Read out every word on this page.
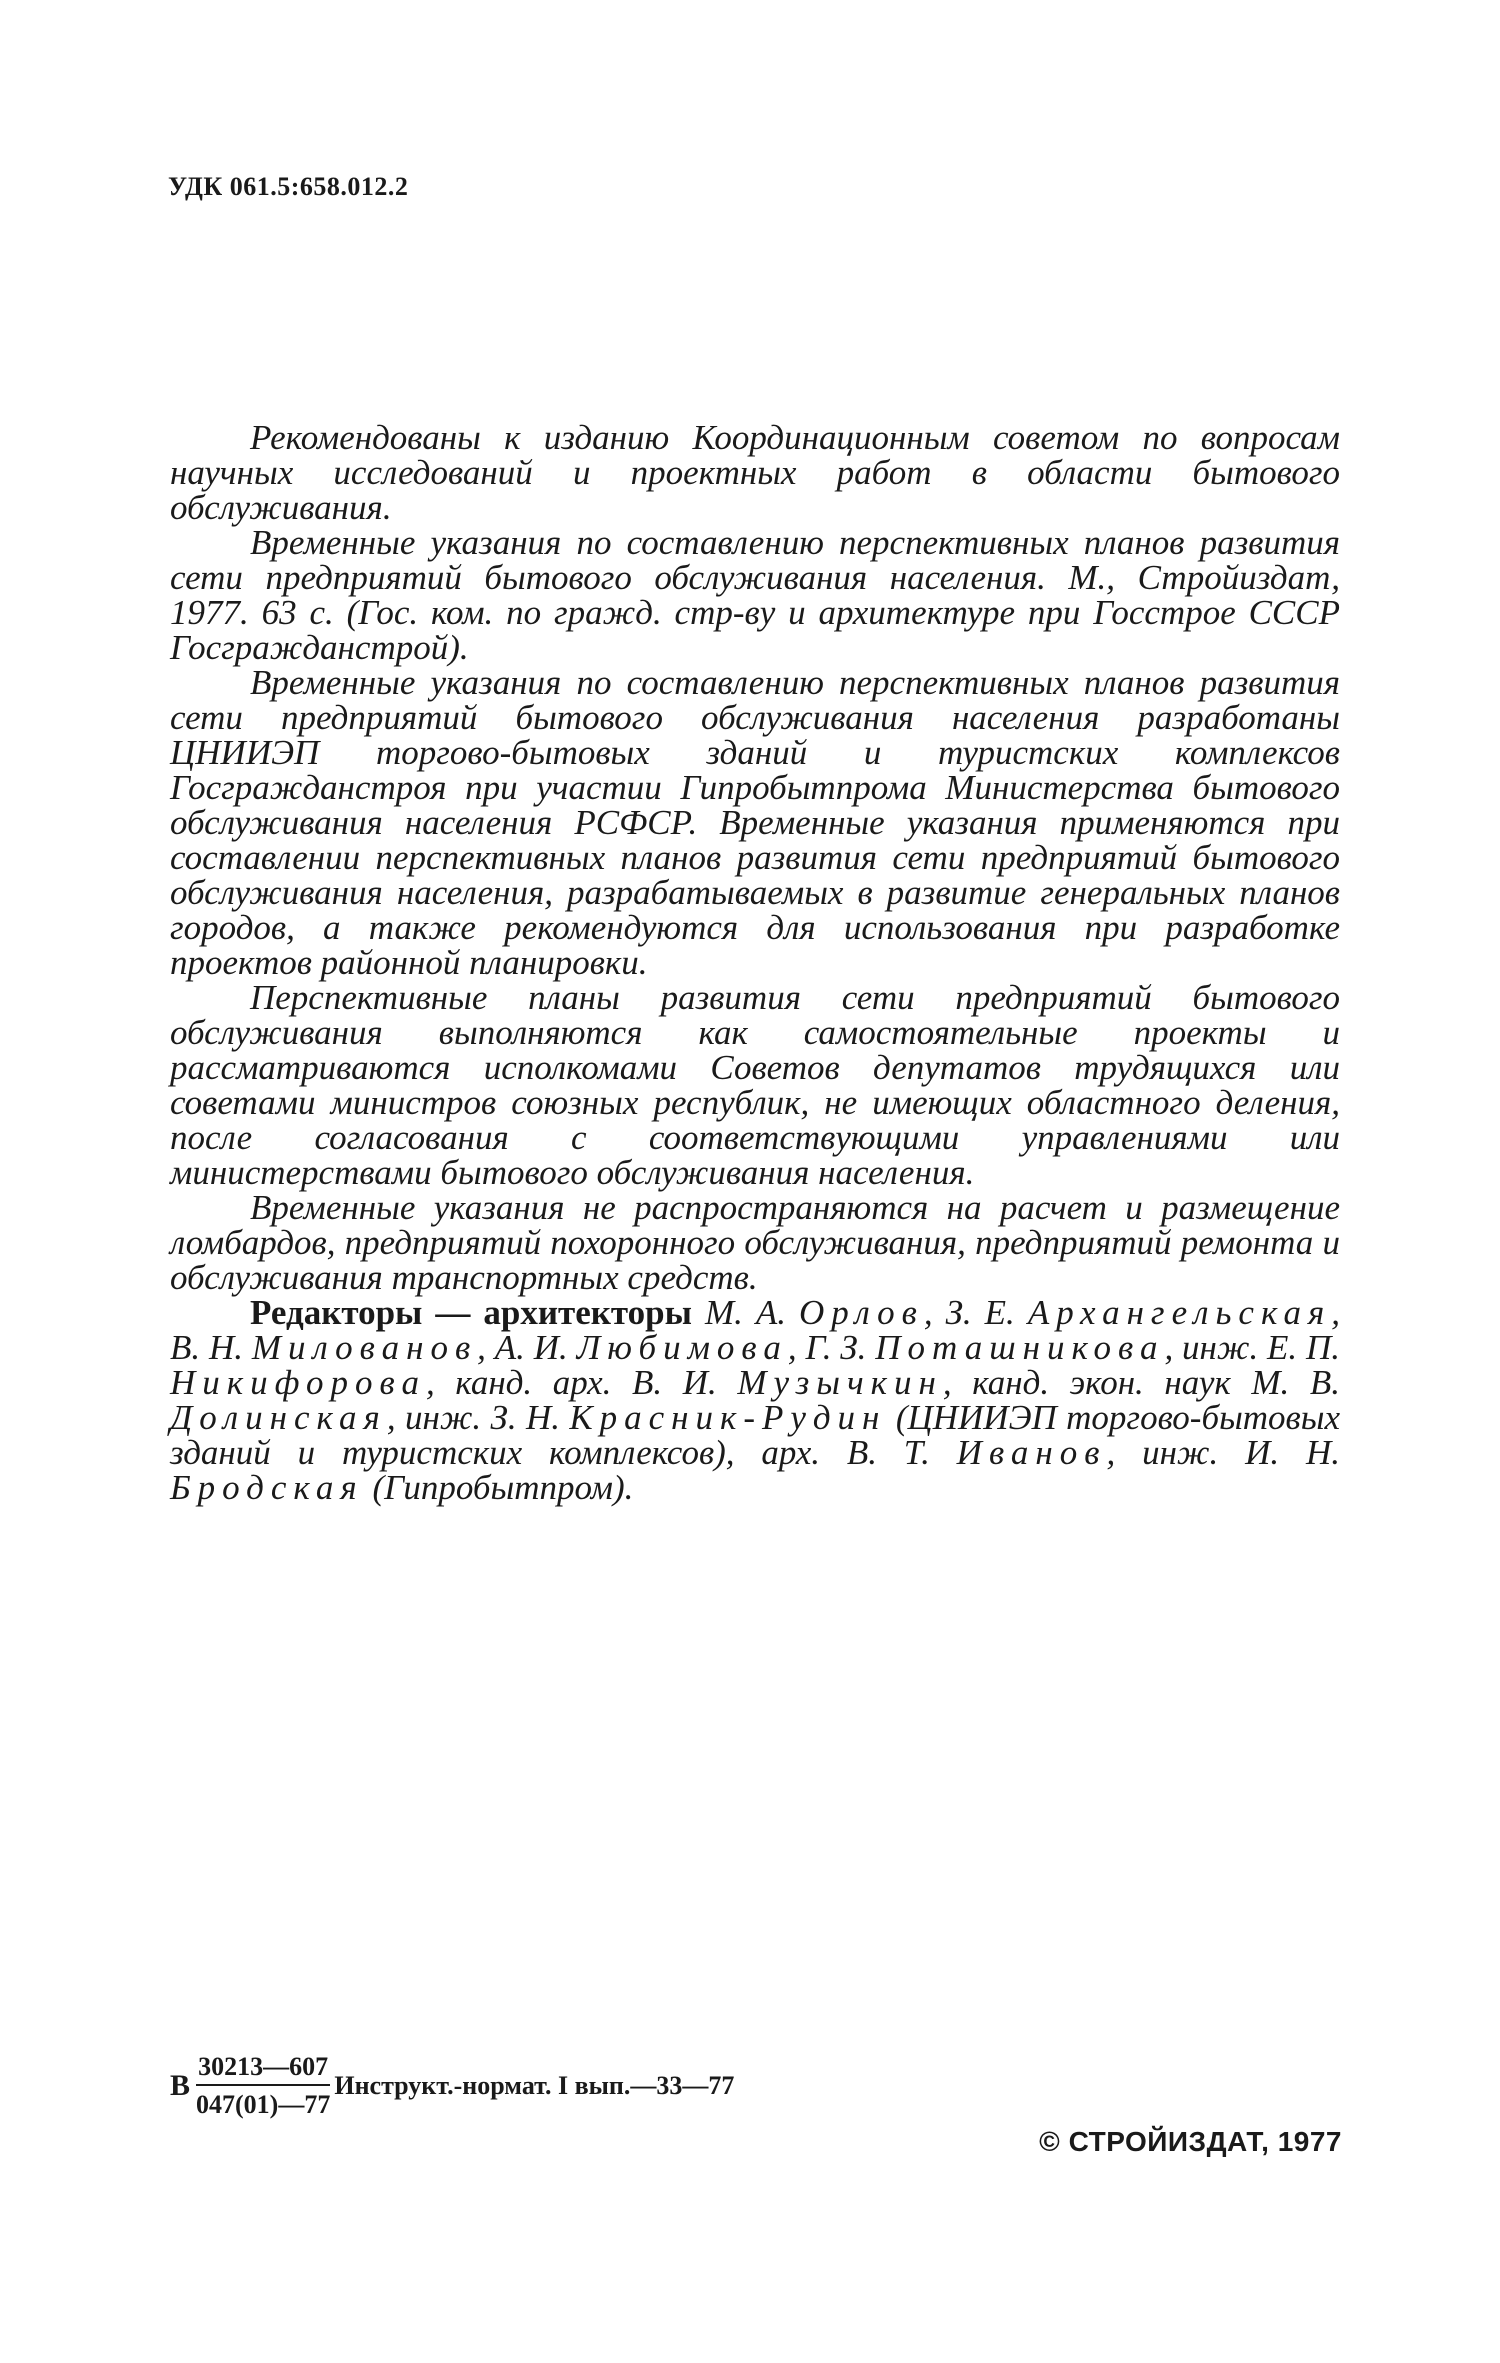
УДК 061.5:658.012.2

Рекомендованы к изданию Координационным советом по вопросам научных исследований и проектных работ в области бытового обслуживания.

Временные указания по составлению перспективных планов развития сети предприятий бытового обслуживания населения. М., Стройиздат, 1977. 63 с. (Гос. ком. по гражд. стр-ву и архитектуре при Госстрое СССР Госгражданстрой).

Временные указания по составлению перспективных планов развития сети предприятий бытового обслуживания населения разработаны ЦНИИЭП торгово-бытовых зданий и туристских комплексов Госгражданстроя при участии Гипробытпрома Министерства бытового обслуживания населения РСФСР. Временные указания применяются при составлении перспективных планов развития сети предприятий бытового обслуживания населения, разрабатываемых в развитие генеральных планов городов, а также рекомендуются для использования при разработке проектов районной планировки.

Перспективные планы развития сети предприятий бытового обслуживания выполняются как самостоятельные проекты и рассматриваются исполкомами Советов депутатов трудящихся или советами министров союзных республик, не имеющих областного деления, после согласования с соответствующими управлениями или министерствами бытового обслуживания населения.

Временные указания не распространяются на расчет и размещение ломбардов, предприятий похоронного обслуживания, предприятий ремонта и обслуживания транспортных средств.

Редакторы — архитекторы М. А. Орлов, З. Е. Архангельская, В. Н. Милованов, А. И. Любимова, Г. З. Поташникова, инж. Е. П. Никифорова, канд. арх. В. И. Музычкин, канд. экон. наук М. В. Долинская, инж. З. Н. Красник-Рудин (ЦНИИЭП торгово-бытовых зданий и туристских комплексов), арх. В. Т. Иванов, инж. И. Н. Бродская (Гипробытпром).

В $\frac{30213—607}{047(01)—77}$ Инструкт.-нормат. I вып.—33—77
© СТРОЙИЗДАТ, 1977
